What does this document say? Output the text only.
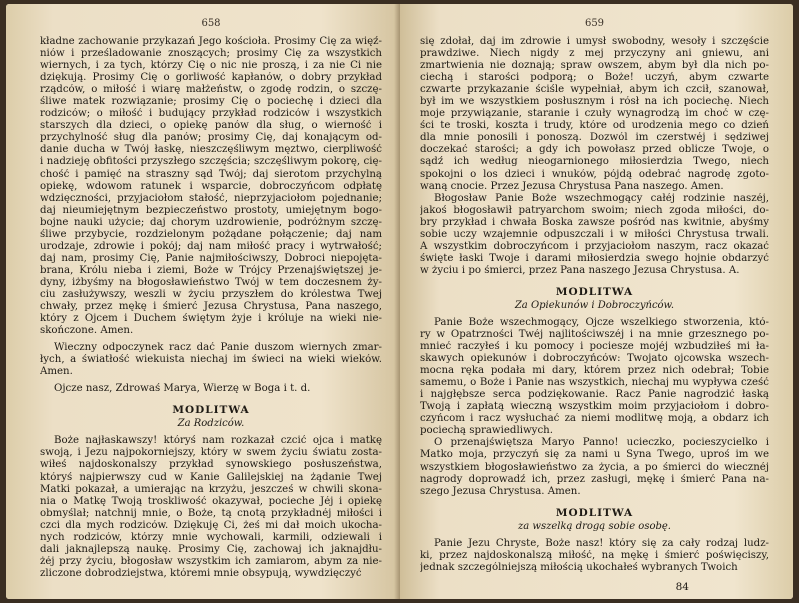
658
kładne zachowanie przykazań Jego kościoła. Prosimy Cię za więź-
niów i prześladowanie znoszących; prosimy Cię za wszystkich
wiernych, i za tych, którzy Cię o nic nie proszą, i za nie Ci nie
dziękują. Prosimy Cię o gorliwość kapłanów, o dobry przykład
rządców, o miłość i wiarę małżeństw, o zgodę rodzin, o szczę-
śliwe matek rozwiązanie; prosimy Cię o pociechę i dzieci dla
rodziców; o miłość i budujący przykład rodziców i wszystkich
starszych dla dzieci, o opiekę panów dla sług, o wierność i
przychylność sług dla panów; prosimy Cię, daj konającym od-
danie ducha w Twój łaskę, nieszczęśliwym męztwo, cierpliwość
i nadzieję obfitości przyszłego szczęścia; szczęśliwym pokorę, cię-
chość i pamięć na straszny sąd Twój; daj sierotom przychylną
opiekę, wdowom ratunek i wsparcie, dobroczyńcom odpłatę
wdzięczności, przyjaciołom stałość, nieprzyjaciołom pojednanie;
daj nieumiejętnym bezpieczeństwo prostoty, umiejętnym bogo-
bojne nauki użycie; daj chorym uzdrowienie, podróżnym szczę-
śliwe przybycie, rozdzielonym pożądane połączenie; daj nam
urodzaje, zdrowie i pokój; daj nam miłość pracy i wytrwałość;
daj nam, prosimy Cię, Panie najmiłościwszy, Dobroci niepojęta-
brana, Królu nieba i ziemi, Boże w Trójcy Przenajświętszej je-
dyny, iżbyśmy na błogosławieństwo Twój w tem doczesnem ży-
ciu zasłużywszy, weszli w życiu przyszłem do królestwa Twej
chwały, przez mękę i śmierć Jezusa Chrystusa, Pana naszego,
który z Ojcem i Duchem świętym żyje i króluje na wieki nie-
skończone. Amen.
Wieczny odpoczynek racz dać Panie duszom wiernych zmar-
łych, a światłość wiekuista niechaj im świeci na wieki wieków.
Amen.
Ojcze nasz, Zdrowaś Marya, Wierzę w Boga i t. d.
MODLITWA
Za Rodziców.
Boże najłaskawszy! któryś nam rozkazał czcić ojca i matkę
swoją, i Jezu najpokorniejszy, który w swem życiu światu zosta-
wiłeś najdoskonalszy przykład synowskiego posłuszeństwa,
któryś najpierwszy cud w Kanie Galilejskiej na żądanie Twej
Matki pokazał, a umierając na krzyżu, jeszcześ w chwili skona-
nia o Matkę Twoją troskliwość okazywał, pocieche Jéj i opiekę
obmyślał; natchnij mnie, o Boże, tą cnotą przykładnéj miłości i
czci dla mych rodziców. Dziękuję Ci, żeś mi dał moich ukocha-
nych rodziców, którzy mnie wychowali, karmili, odziewali i
dali jaknajlepszą naukę. Prosimy Cię, zachowaj ich jaknajdłu-
żéj przy życiu, błogosław wszystkim ich zamiarom, abym za nie-
zliczone dobrodziejstwa, któremi mnie obsypują, wywdzięczyć
659
się zdołał, daj im zdrowie i umysł swobodny, wesoły i szczęście
prawdziwe. Niech nigdy z mej przyczyny ani gniewu, ani
zmartwienia nie doznają; spraw owszem, abym był dla nich po-
ciechą i starości podporą; o Boże! uczyń, abym czwarte
czwarte przykazanie ściśle wypełniał, abym ich czcił, szanował,
był im we wszystkiem posłusznym i rósł na ich pociechę. Niech
moje przywiązanie, staranie i czuły wynagrodzą im choć w czę-
ści te troski, koszta i trudy, które od urodzenia mego co dzień
dla mnie ponosili i ponoszą. Dozwól im czerstwéj i sędziwej
doczekać starości; a gdy ich powołasz przed oblicze Twoje, o
sądź ich według nieogarnionego miłosierdzia Twego, niech
spokojni o los dzieci i wnuków, pójdą odebrać nagrodę zgoto-
waną cnocie. Przez Jezusa Chrystusa Pana naszego. Amen.
Błogosław Panie Boże wszechmogący całéj rodzinie naszéj,
jakoś błogosławił patryarchom swoim; niech zgoda miłości, do-
bry przykład i chwała Boska zawsze pośród nas kwitnie, abyśmy
sobie uczy wzajemnie odpuszczali i w miłości Chrystusa trwali.
A wszystkim dobroczyńcom i przyjaciołom naszym, racz okazać
święte łaski Twoje i darami miłosierdzia swego hojnie obdarzyć
w życiu i po śmierci, przez Pana naszego Jezusa Chrystusa. A.
MODLITWA
Za Opiekunów i Dobroczyńców.
Panie Boże wszechmogący, Ojcze wszelkiego stworzenia, któ-
ry w Opatrzności Twéj najlitościwszéj i na mnie grzesznego po-
mnieć raczyłeś i ku pomocy i pociesze mojéj wzbudziłeś mi ła-
skawych opiekunów i dobroczyńców: Twojato ojcowska wszech-
mocna ręka podała mi dary, którem przez nich odebrał; Tobie
samemu, o Boże i Panie nas wszystkich, niechaj mu wypływa cześć
i najgłębsze serca podziękowanie. Racz Panie nagrodzić łaską
Twoją i zapłatą wieczną wszystkim moim przyjaciołom i dobro-
czyńcom i racz wysłuchać za niemi modlitwę moją, a obdarz ich
pociechą sprawiedliwych.
O przenajświętsza Maryo Panno! ucieczko, pocieszycielko i
Matko moja, przyczyń się za nami u Syna Twego, uproś im we
wszystkiem błogosławieństwo za życia, a po śmierci do wiecznéj
nagrody doprowadź ich, przez zasługi, mękę i śmierć Pana na-
szego Jezusa Chrystusa. Amen.
MODLITWA
za wszelką drogą sobie osobę.
Panie Jezu Chryste, Boże nasz! który się za cały rodzaj ludz-
ki, przez najdoskonalszą miłość, na mękę i śmierć poświęciszy,
jednak szczególniejszą miłością ukochałeś wybranych Twoich
84
